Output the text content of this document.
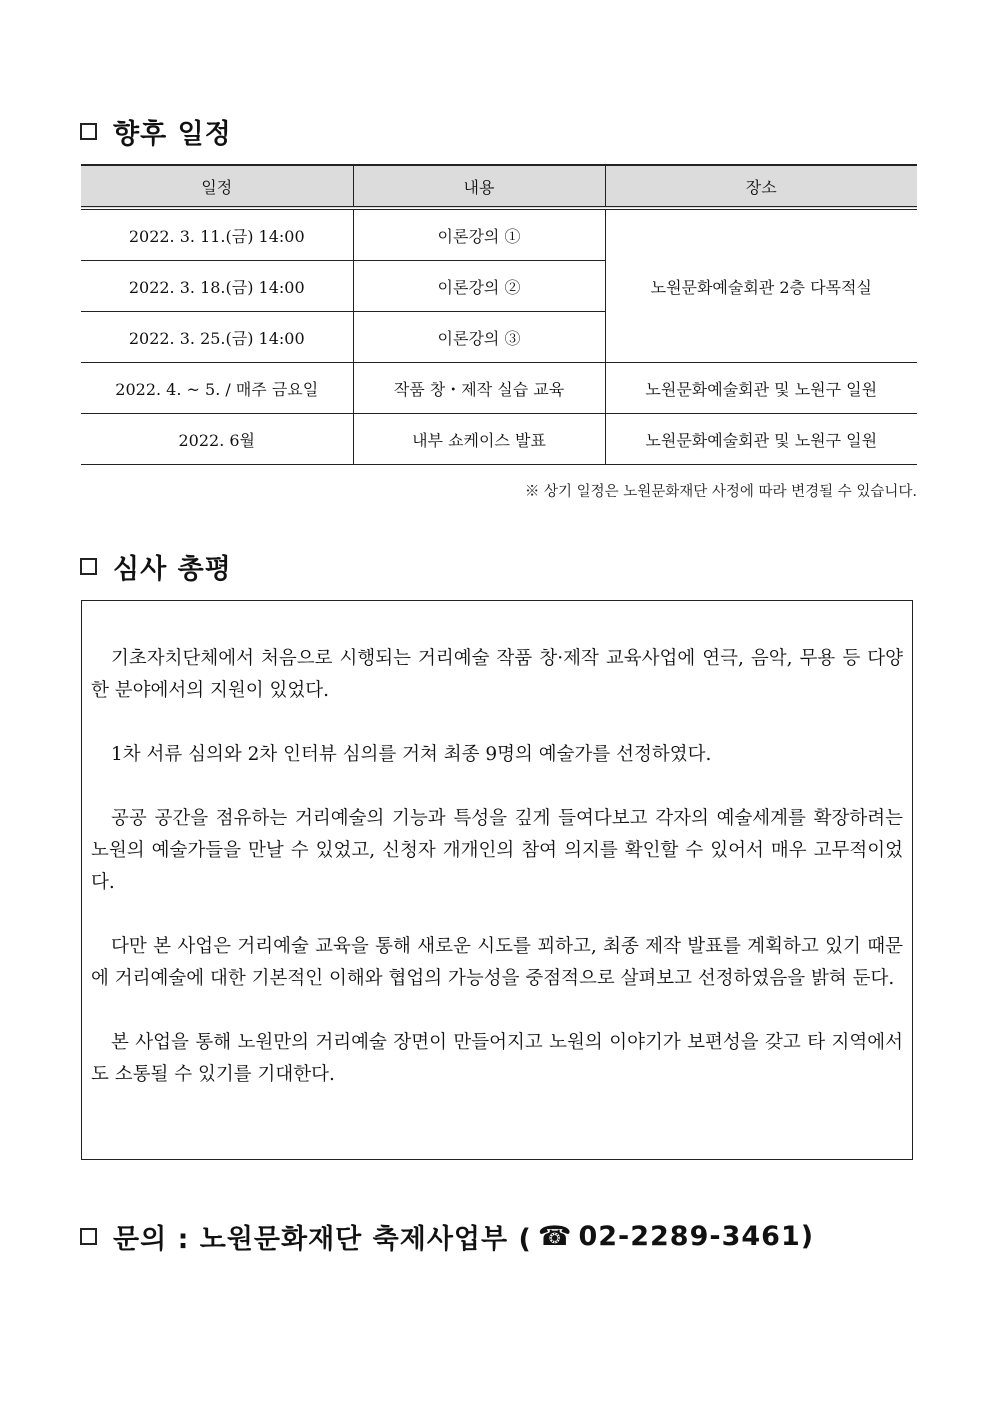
향후 일정
일정	내용	장소
2022. 3. 11.(금) 14:00	이론강의 ①	노원문화예술회관 2층 다목적실
2022. 3. 18.(금) 14:00	이론강의 ②	
2022. 3. 25.(금) 14:00	이론강의 ③	
2022. 4. ~ 5. / 매주 금요일	작품 창・제작 실습 교육	노원문화예술회관 및 노원구 일원
2022. 6월	내부 쇼케이스 발표	노원문화예술회관 및 노원구 일원
※ 상기 일정은 노원문화재단 사정에 따라 변경될 수 있습니다.
심사 총평

기초자치단체에서 처음으로 시행되는 거리예술 작품 창·제작 교육사업에 연극, 음악, 무용 등 다양한 분야에서의 지원이 있었다.

1차 서류 심의와 2차 인터뷰 심의를 거쳐 최종 9명의 예술가를 선정하였다.

공공 공간을 점유하는 거리예술의 기능과 특성을 깊게 들여다보고 각자의 예술세계를 확장하려는 노원의 예술가들을 만날 수 있었고, 신청자 개개인의 참여 의지를 확인할 수 있어서 매우 고무적이었다.

다만 본 사업은 거리예술 교육을 통해 새로운 시도를 꾀하고, 최종 제작 발표를 계획하고 있기 때문에 거리예술에 대한 기본적인 이해와 협업의 가능성을 중점적으로 살펴보고 선정하였음을 밝혀 둔다.

본 사업을 통해 노원만의 거리예술 장면이 만들어지고 노원의 이야기가 보편성을 갖고 타 지역에서도 소통될 수 있기를 기대한다.

문의 : 노원문화재단 축제사업부 ( ☎ 02-2289-3461 )
